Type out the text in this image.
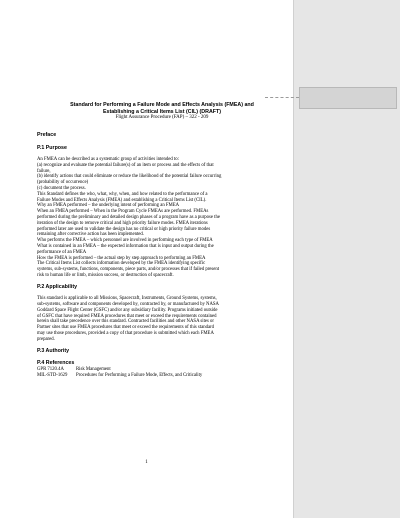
Standard for Performing a Failure Mode and Effects Analysis (FMEA) and

Establishing a Critical Items List (CIL) (DRAFT)

Flight Assurance Procedure (FAP) – 322 - 209

Preface
P.1 Purpose

An FMEA can be described as a systematic group of activities intended to:

(a) recognize and evaluate the potential failure(s) of an item or process and the effects of that

failure,

(b) identify actions that could eliminate or reduce the likelihood of the potential failure occurring

(probability of occurrence)

(c) document the process.

This Standard defines the who, what, why, when, and how related to the performance of a

Failure Modes and Effects Analysis (FMEA) and establishing a Critical Items List (CIL).

Why an FMEA performed – the underlying intent of performing an FMEA

When an FMEA performed – When in the Program Cycle FMEAs are performed. FMEAs

performed during the preliminary and detailed design phases of a program have as a purpose the

iteration of the design to remove critical and high priority failure modes. FMEA iterations

performed later are used to validate the design has no critical or high priority failure modes

remaining after corrective action has been implemented.

Who performs the FMEA – which personnel are involved in performing each type of FMEA

What is contained in an FMEA – the expected information that is input and output during the

performance of an FMEA

How the FMEA is performed – the actual step by step approach to performing an FMEA

The Critical Items List collects information developed by the FMEA identifying specific

systems, sub-systems, functions, components, piece parts, and/or processes that if failed present

risk to human life or limb, mission success, or destruction of spacecraft.

P.2 Applicability

This standard is applicable to all Missions, Spacecraft, Instruments, Ground Systems, systems,

sub-systems, software and components developed by, contracted by, or manufactured by NASA

Goddard Space Flight Center (GSFC) and/or any subsidiary facility. Programs initiated outside

of GSFC that have required FMEA procedures that meet or exceed the requirements contained

herein shall take precedence over this standard. Contracted facilities and other NASA sites or

Partner sites that use FMEA procedures that meet or exceed the requirements of this standard

may use those procedures, provided a copy of that procedure is submitted which each FMEA

prepared.

P.3 Authority
P.4 References
GPR 7120.4A	Risk Management
MIL-STD-1629	Procedures for Performing a Failure Mode, Effects, and Criticality
1
